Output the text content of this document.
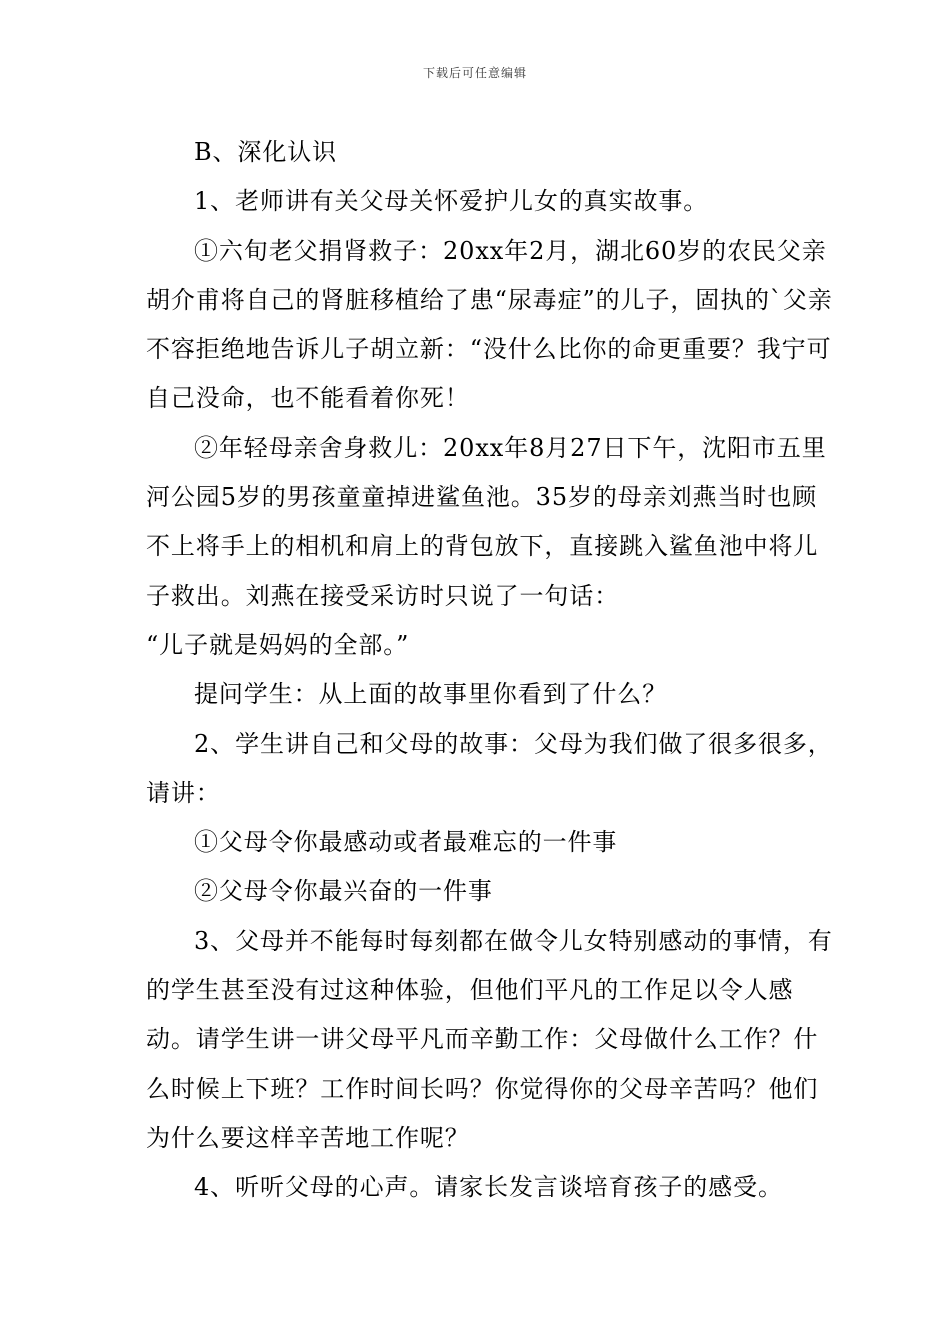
下载后可任意编辑

B、深化认识

1、老师讲有关父母关怀爱护儿女的真实故事。

①六旬老父捐肾救子：20xx年2月，湖北60岁的农民父亲胡介甫将自己的肾脏移植给了患“尿毒症”的儿子，固执的`父亲不容拒绝地告诉儿子胡立新：“没什么比你的命更重要？我宁可自己没命，也不能看着你死！

②年轻母亲舍身救儿：20xx年8月27日下午，沈阳市五里河公园5岁的男孩童童掉进鲨鱼池。35岁的母亲刘燕当时也顾不上将手上的相机和肩上的背包放下，直接跳入鲨鱼池中将儿子救出。刘燕在接受采访时只说了一句话：

“儿子就是妈妈的全部。”

提问学生：从上面的故事里你看到了什么？

2、学生讲自己和父母的故事：父母为我们做了很多很多，请讲：

①父母令你最感动或者最难忘的一件事

②父母令你最兴奋的一件事

3、父母并不能每时每刻都在做令儿女特别感动的事情，有的学生甚至没有过这种体验，但他们平凡的工作足以令人感动。请学生讲一讲父母平凡而辛勤工作：父母做什么工作？什么时候上下班？工作时间长吗？你觉得你的父母辛苦吗？他们为什么要这样辛苦地工作呢？

4、听听父母的心声。请家长发言谈培育孩子的感受。
